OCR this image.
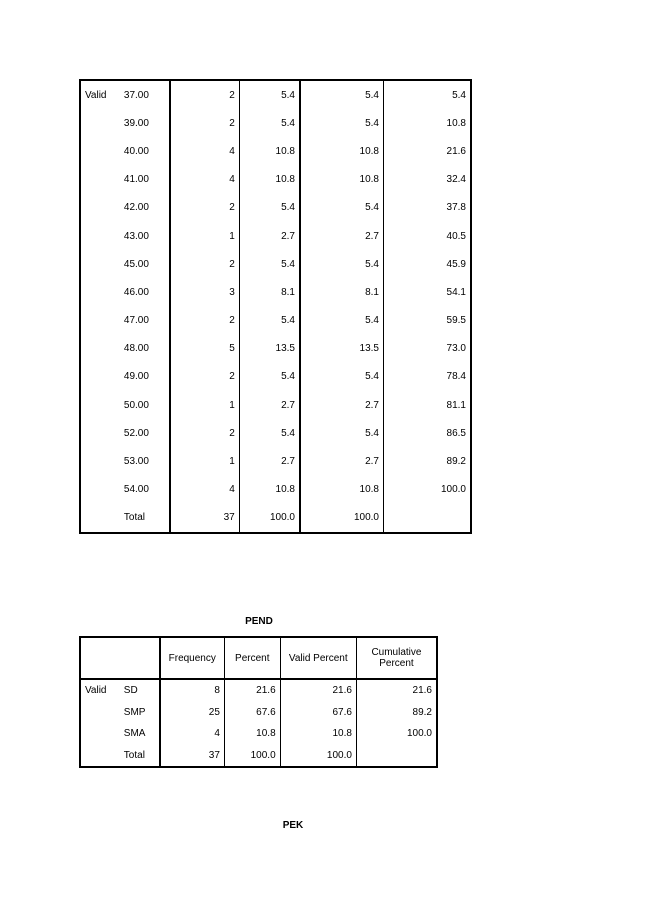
Valid	37.00	2	5.4	5.4	5.4
	39.00	2	5.4	5.4	10.8
	40.00	4	10.8	10.8	21.6
	41.00	4	10.8	10.8	32.4
	42.00	2	5.4	5.4	37.8
	43.00	1	2.7	2.7	40.5
	45.00	2	5.4	5.4	45.9
	46.00	3	8.1	8.1	54.1
	47.00	2	5.4	5.4	59.5
	48.00	5	13.5	13.5	73.0
	49.00	2	5.4	5.4	78.4
	50.00	1	2.7	2.7	81.1
	52.00	2	5.4	5.4	86.5
	53.00	1	2.7	2.7	89.2
	54.00	4	10.8	10.8	100.0
	Total	37	100.0	100.0	
PEND
		Frequency	Percent	Valid Percent	Cumulative Percent
Valid	SD	8	21.6	21.6	21.6
	SMP	25	67.6	67.6	89.2
	SMA	4	10.8	10.8	100.0
	Total	37	100.0	100.0	
PEK
